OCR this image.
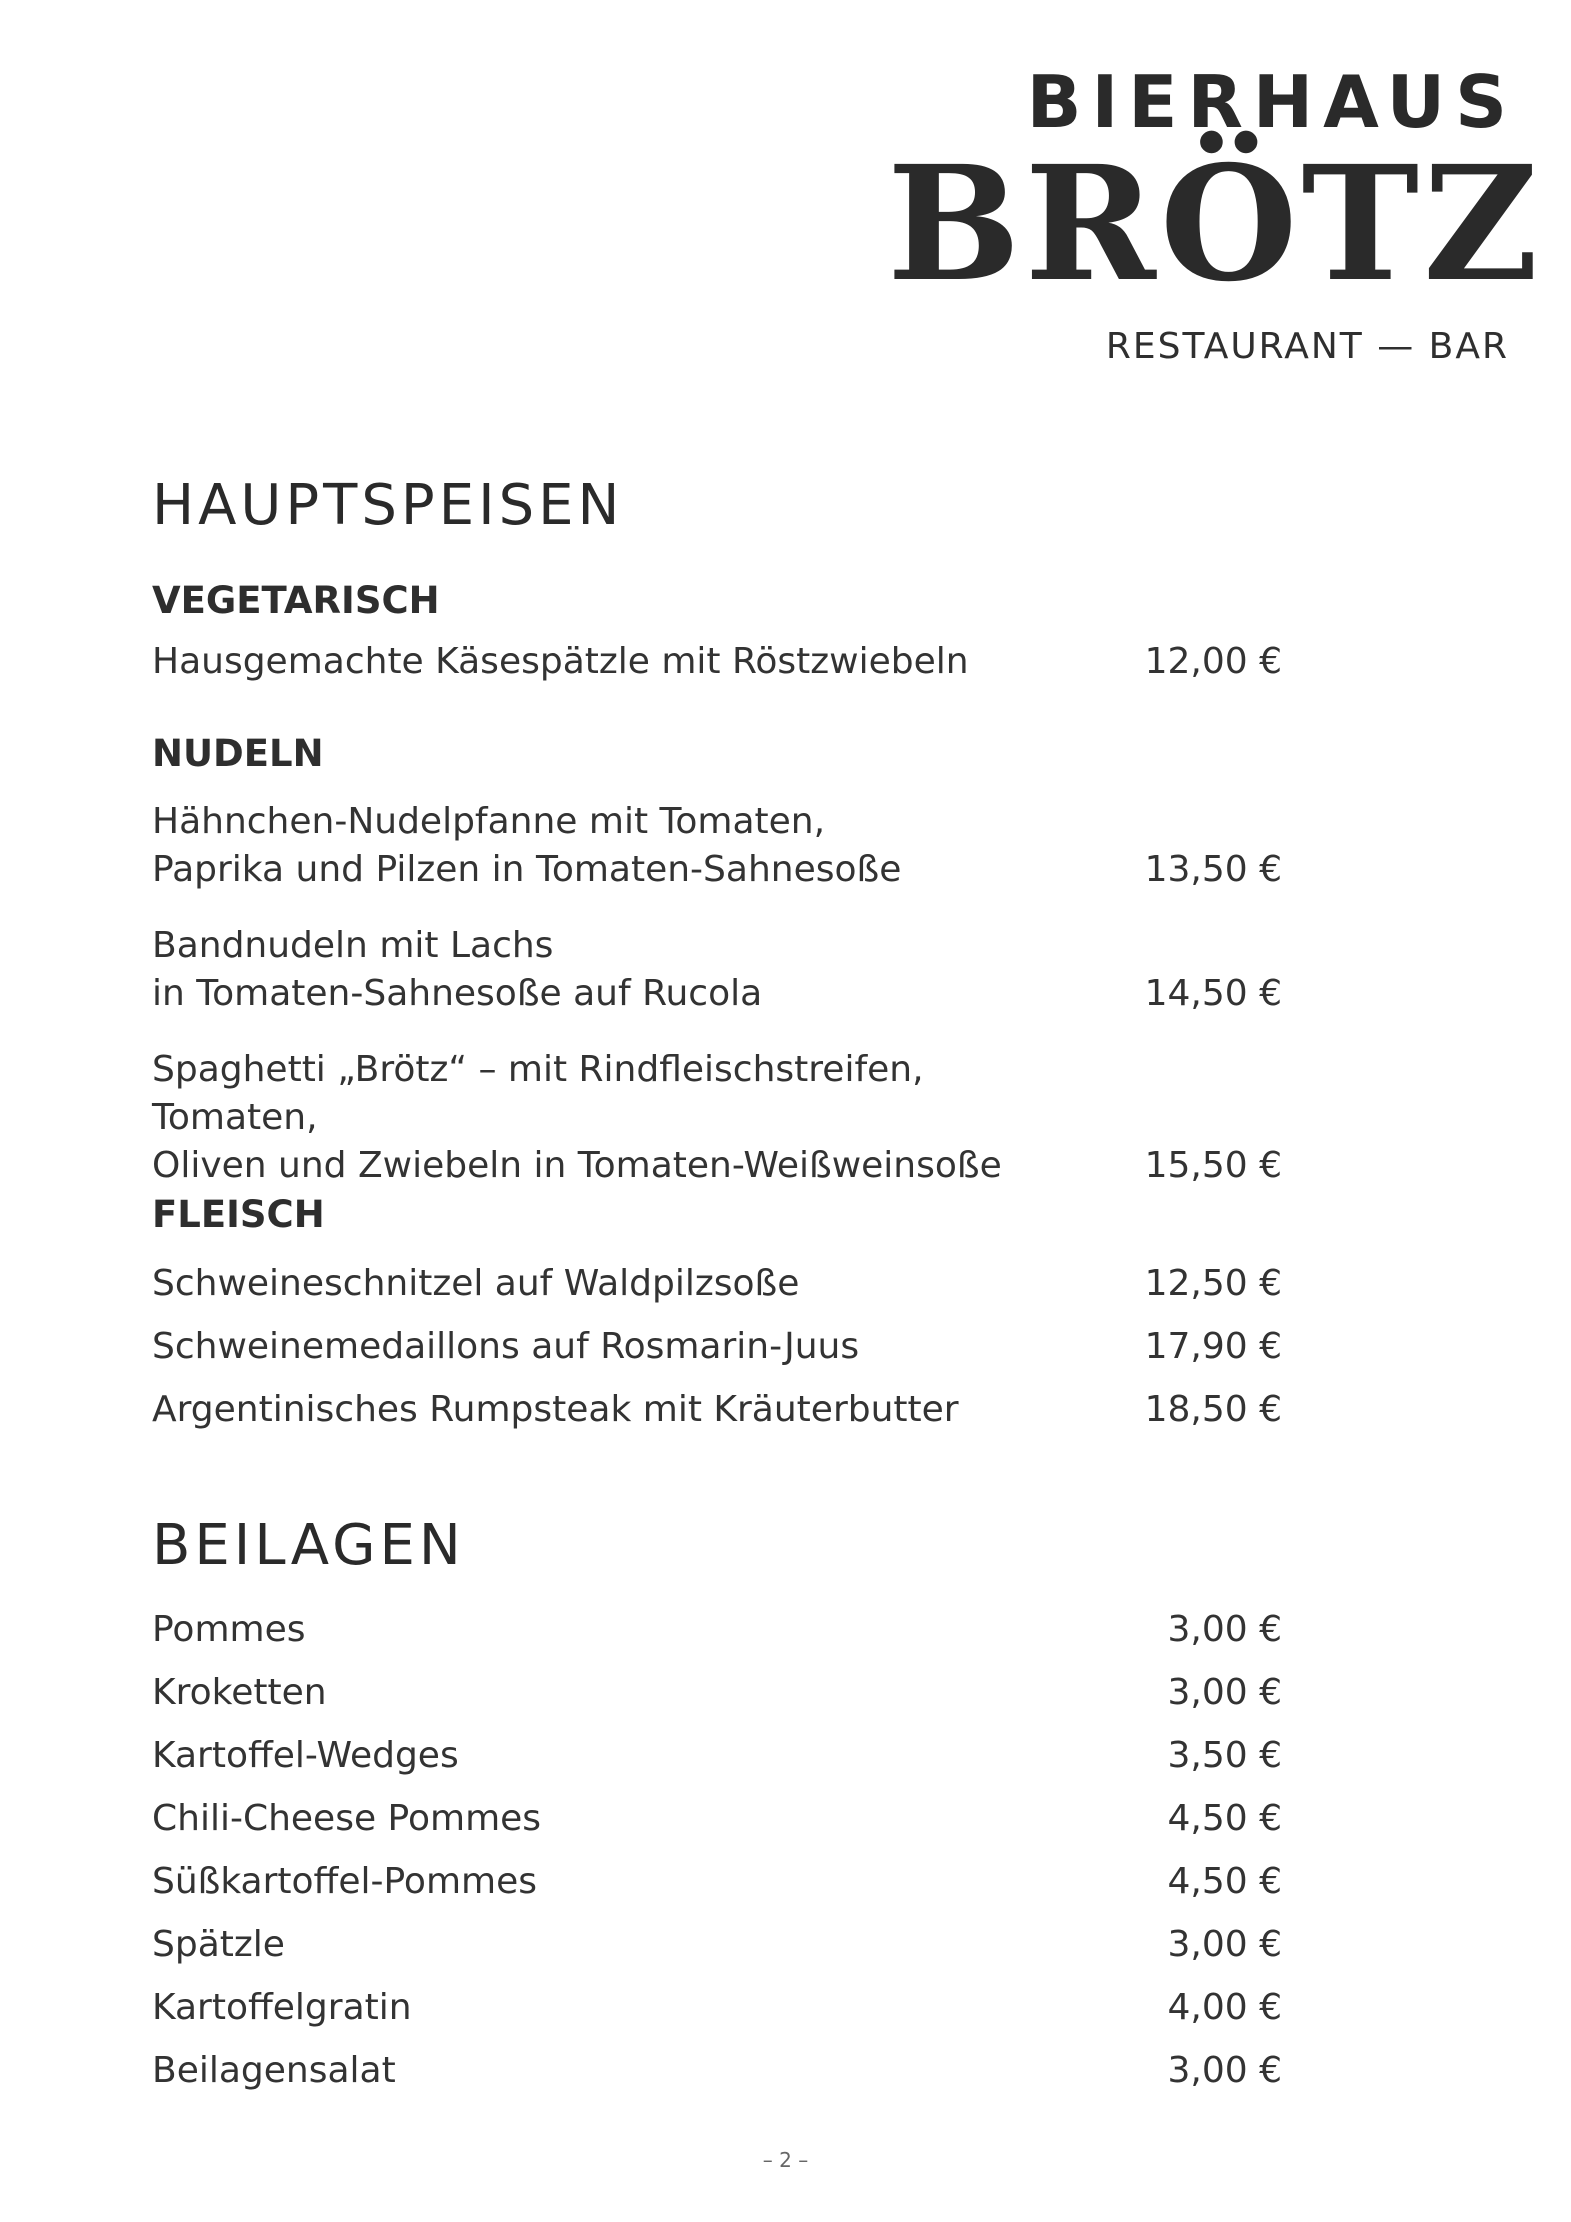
BIERHAUS
BRÖTZ
RESTAURANT — BAR
HAUPTSPEISEN
VEGETARISCH
Hausgemachte Käsespätzle mit Röstzwiebeln	12,00 €
NUDELN
Hähnchen-Nudelpfanne mit Tomaten,
Paprika und Pilzen in Tomaten-Sahnesoße	13,50 €
Bandnudeln mit Lachs
in Tomaten-Sahnesoße auf Rucola	14,50 €
Spaghetti „Brötz“ – mit Rindfleischstreifen, Tomaten,
Oliven und Zwiebeln in Tomaten-Weißweinsoße	15,50 €
FLEISCH
Schweineschnitzel auf Waldpilzsoße	12,50 €
Schweinemedaillons auf Rosmarin-Juus	17,90 €
Argentinisches Rumpsteak mit Kräuterbutter	18,50 €
BEILAGEN
Pommes	3,00 €
Kroketten	3,00 €
Kartoffel-Wedges	3,50 €
Chili-Cheese Pommes	4,50 €
Süßkartoffel-Pommes	4,50 €
Spätzle	3,00 €
Kartoffelgratin	4,00 €
Beilagensalat	3,00 €
– 2 –
